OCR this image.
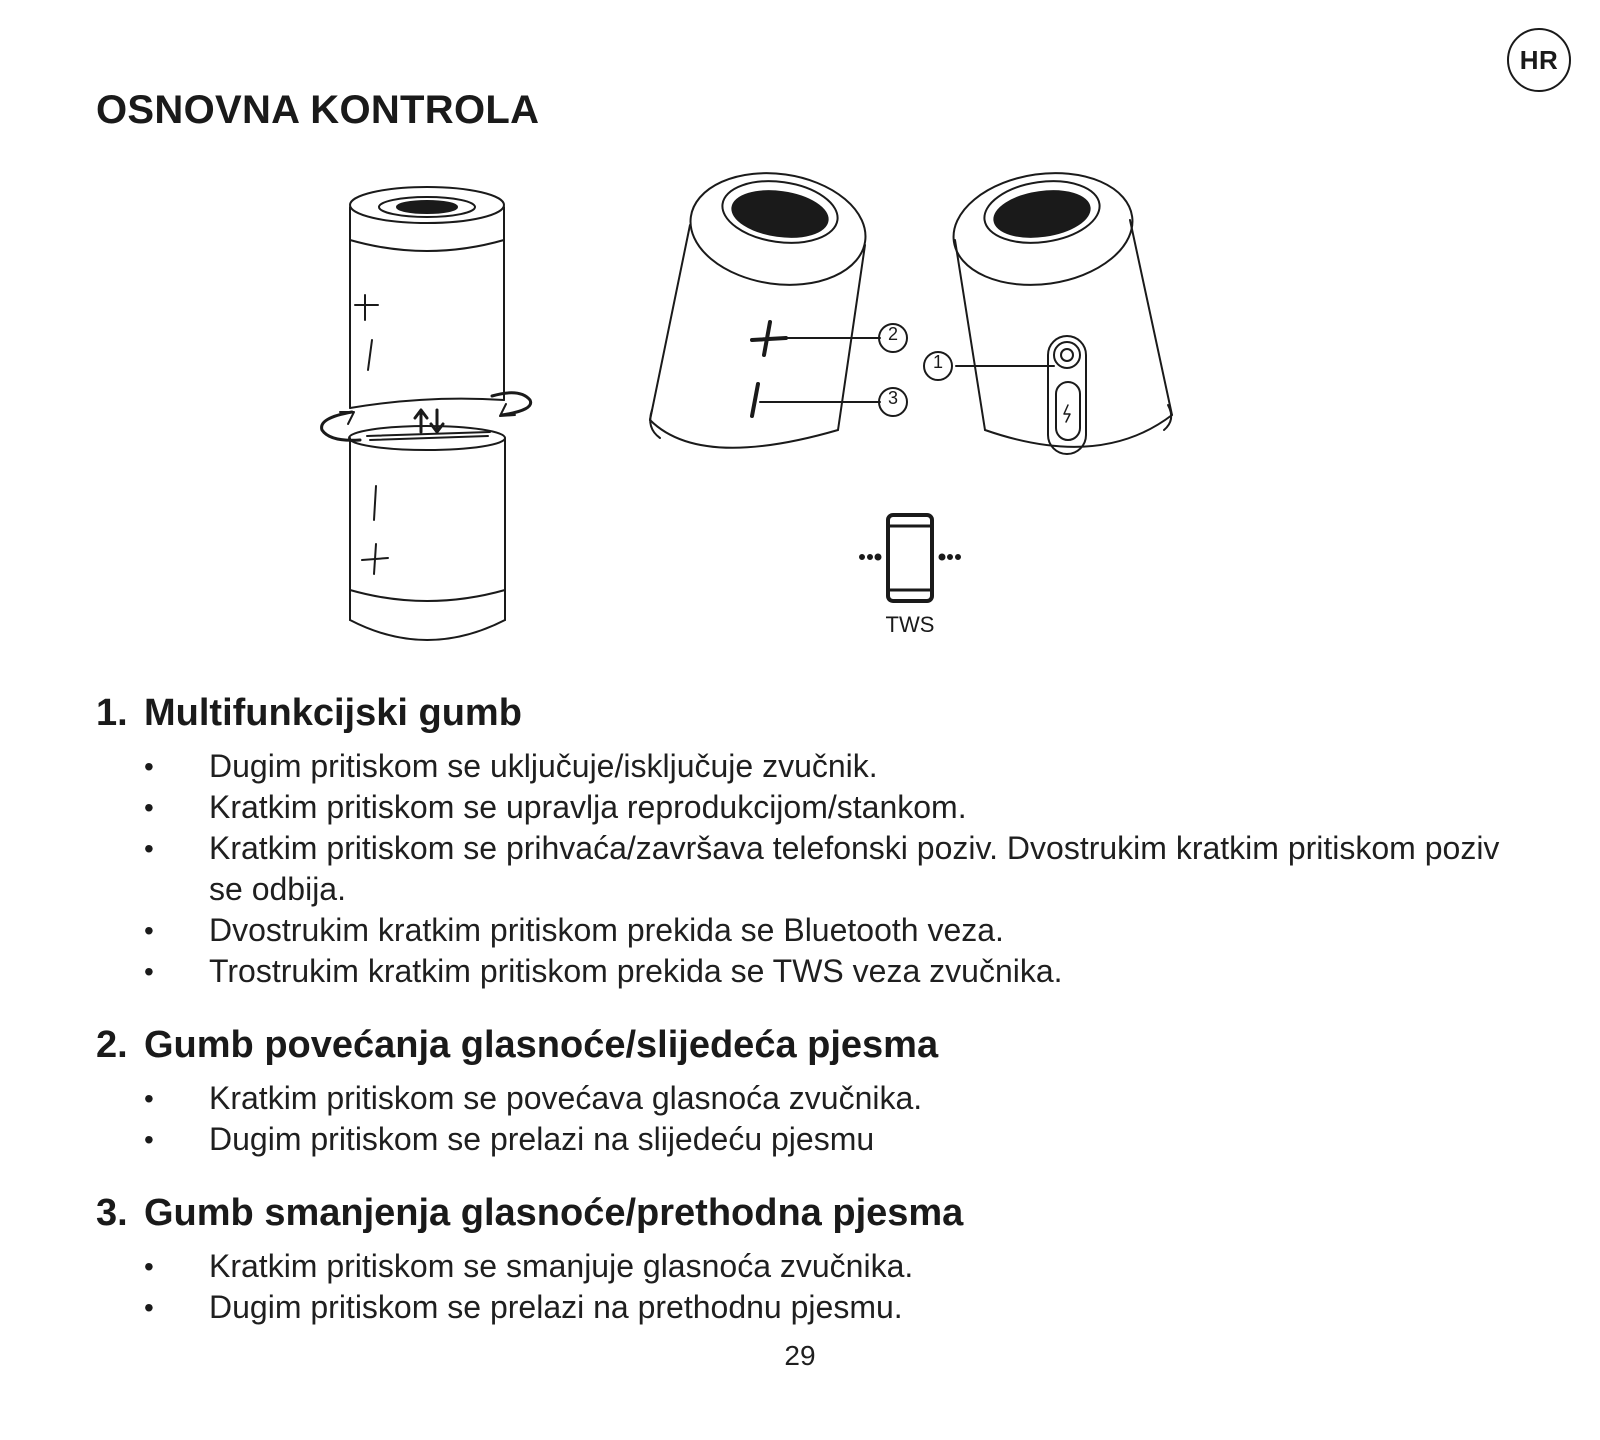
HR
OSNOVNA KONTROLA
2
3
1
TWS
1. Multifunkcijski gumb
• Dugim pritiskom se uključuje/isključuje zvučnik.
• Kratkim pritiskom se upravlja reprodukcijom/stankom.
• Kratkim pritiskom se prihvaća/završava telefonski poziv. Dvostrukim kratkim pritiskom poziv se odbija.
• Dvostrukim kratkim pritiskom prekida se Bluetooth veza.
• Trostrukim kratkim pritiskom prekida se TWS veza zvučnika.
2. Gumb povećanja glasnoće/slijedeća pjesma
• Kratkim pritiskom se povećava glasnoća zvučnika.
• Dugim pritiskom se prelazi na slijedeću pjesmu
3. Gumb smanjenja glasnoće/prethodna pjesma
• Kratkim pritiskom se smanjuje glasnoća zvučnika.
• Dugim pritiskom se prelazi na prethodnu pjesmu.
29
